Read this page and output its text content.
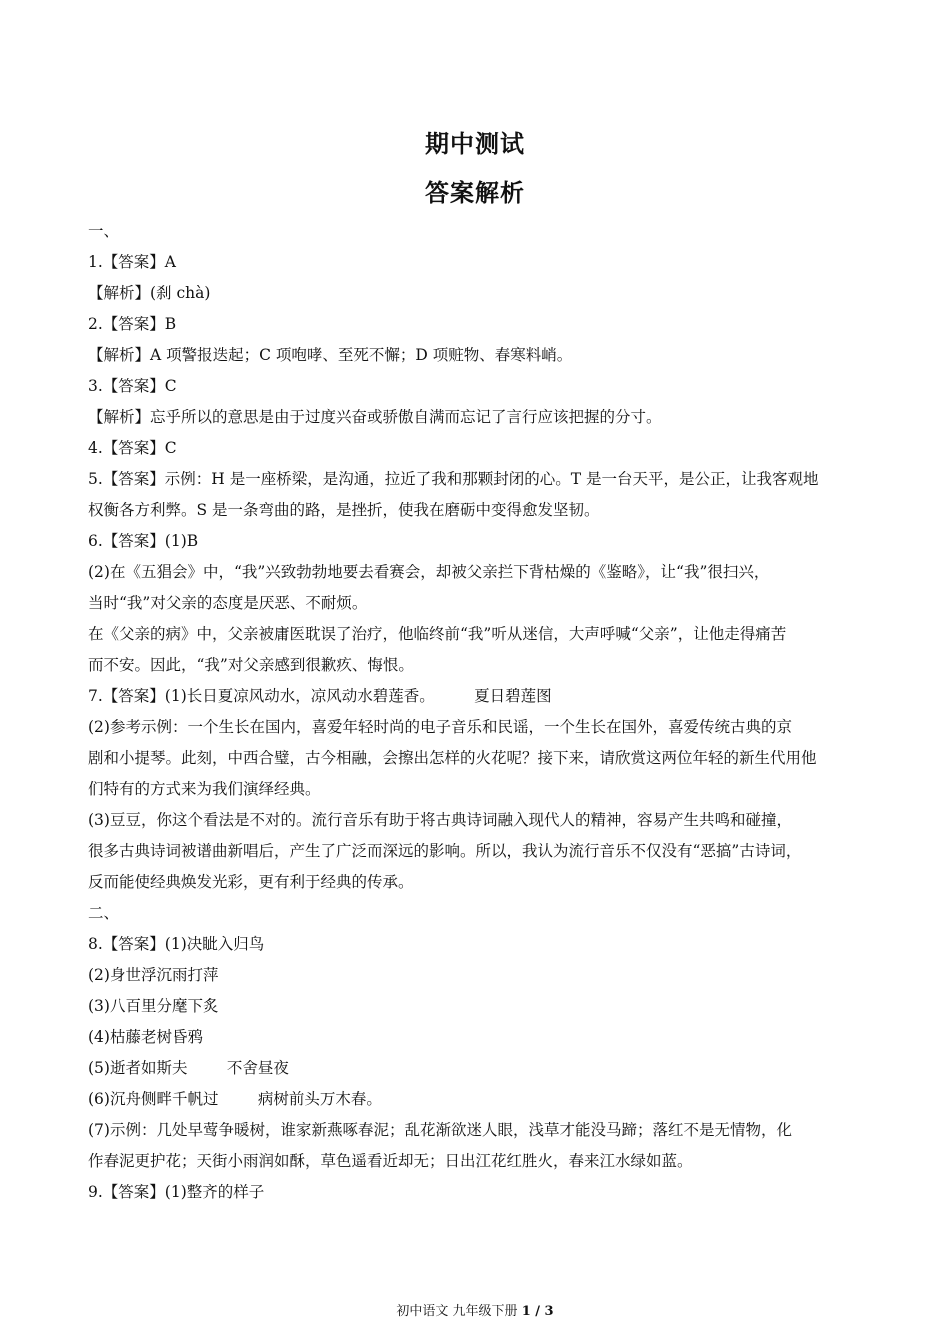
期中测试
答案解析
一、
1.【答案】A
【解析】(刹 chà)
2.【答案】B
【解析】A 项警报迭起；C 项咆哮、至死不懈；D 项赃物、春寒料峭。
3.【答案】C
【解析】忘乎所以的意思是由于过度兴奋或骄傲自满而忘记了言行应该把握的分寸。
4.【答案】C
5.【答案】示例：H 是一座桥梁，是沟通，拉近了我和那颗封闭的心。T 是一台天平，是公正，让我客观地
权衡各方利弊。S 是一条弯曲的路，是挫折，使我在磨砺中变得愈发坚韧。
6.【答案】(1)B
(2)在《五猖会》中，“我”兴致勃勃地要去看赛会，却被父亲拦下背枯燥的《鉴略》，让“我”很扫兴，
当时“我”对父亲的态度是厌恶、不耐烦。
在《父亲的病》中，父亲被庸医耽误了治疗，他临终前“我”听从迷信，大声呼喊“父亲”，让他走得痛苦
而不安。因此，“我”对父亲感到很歉疚、悔恨。
7.【答案】(1)长日夏凉风动水，凉风动水碧莲香。        夏日碧莲图
(2)参考示例：一个生长在国内，喜爱年轻时尚的电子音乐和民谣，一个生长在国外，喜爱传统古典的京
剧和小提琴。此刻，中西合璧，古今相融，会擦出怎样的火花呢？接下来，请欣赏这两位年轻的新生代用他
们特有的方式来为我们演绎经典。
(3)豆豆，你这个看法是不对的。流行音乐有助于将古典诗词融入现代人的精神，容易产生共鸣和碰撞，
很多古典诗词被谱曲新唱后，产生了广泛而深远的影响。所以，我认为流行音乐不仅没有“恶搞”古诗词，
反而能使经典焕发光彩，更有利于经典的传承。
二、
8.【答案】(1)决眦入归鸟
(2)身世浮沉雨打萍
(3)八百里分麾下炙
(4)枯藤老树昏鸦
(5)逝者如斯夫        不舍昼夜
(6)沉舟侧畔千帆过        病树前头万木春。
(7)示例：几处早莺争暖树，谁家新燕啄春泥；乱花渐欲迷人眼，浅草才能没马蹄；落红不是无情物，化
作春泥更护花；天街小雨润如酥，草色遥看近却无；日出江花红胜火，春来江水绿如蓝。
9.【答案】(1)整齐的样子
初中语文 九年级下册 1 / 3
